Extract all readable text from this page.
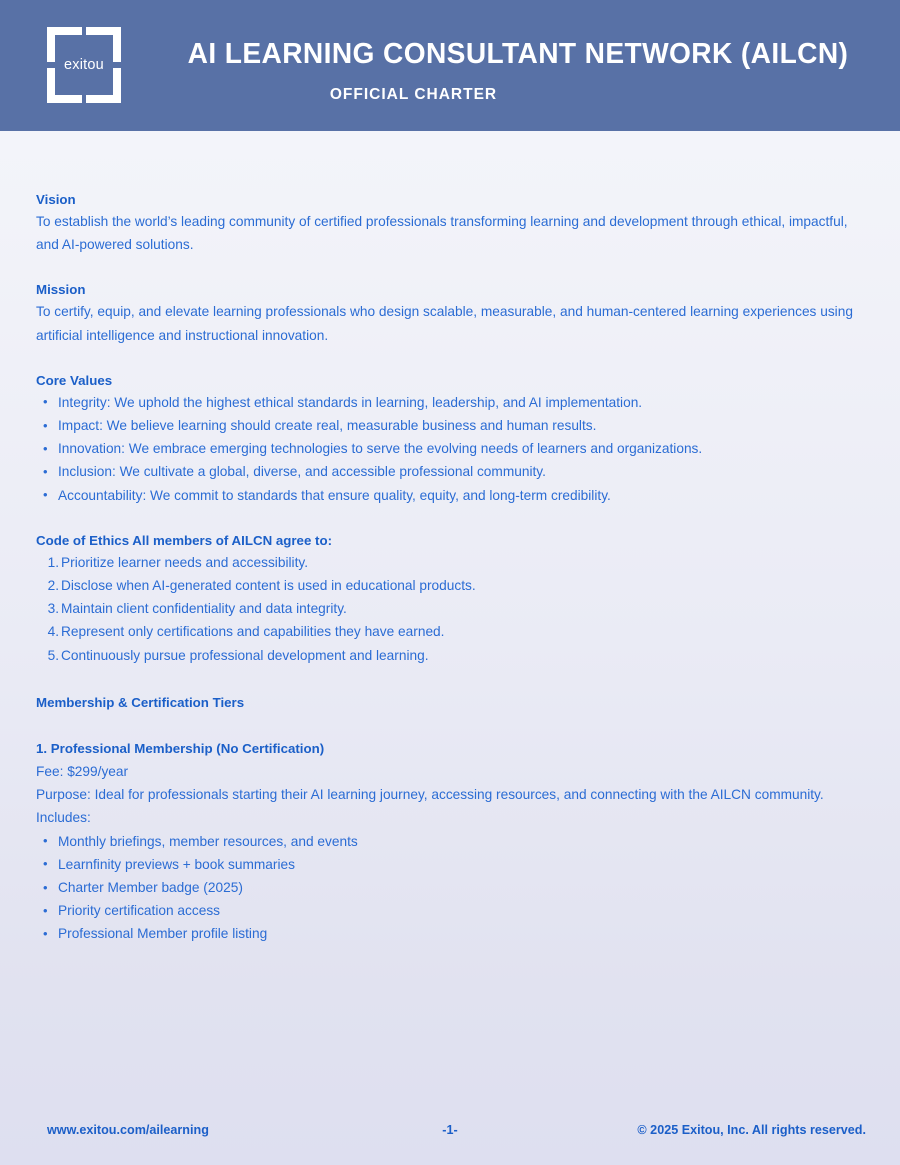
exitou	AI LEARNING CONSULTANT NETWORK (AILCN)
OFFICIAL CHARTER

Vision

To establish the world’s leading community of certified professionals transforming learning and development through ethical, impactful, and AI-powered solutions.

Mission

To certify, equip, and elevate learning professionals who design scalable, measurable, and human-centered learning experiences using artificial intelligence and instructional innovation.

Core Values

• Integrity: We uphold the highest ethical standards in learning, leadership, and AI implementation.
• Impact: We believe learning should create real, measurable business and human results.
• Innovation: We embrace emerging technologies to serve the evolving needs of learners and organizations.
• Inclusion: We cultivate a global, diverse, and accessible professional community.
• Accountability: We commit to standards that ensure quality, equity, and long-term credibility.

Code of Ethics All members of AILCN agree to:

Prioritize learner needs and accessibility.
Disclose when AI-generated content is used in educational products.
Maintain client confidentiality and data integrity.
Represent only certifications and capabilities they have earned.
Continuously pursue professional development and learning.

Membership & Certification Tiers

1. Professional Membership (No Certification)

Fee: $299/year

Purpose: Ideal for professionals starting their AI learning journey, accessing resources, and connecting with the AILCN community.

Includes:

• Monthly briefings, member resources, and events
• Learnfinity previews + book summaries
• Charter Member badge (2025)
• Priority certification access
• Professional Member profile listing
www.exitou.com/ailearning	-1-	© 2025 Exitou, Inc. All rights reserved.
